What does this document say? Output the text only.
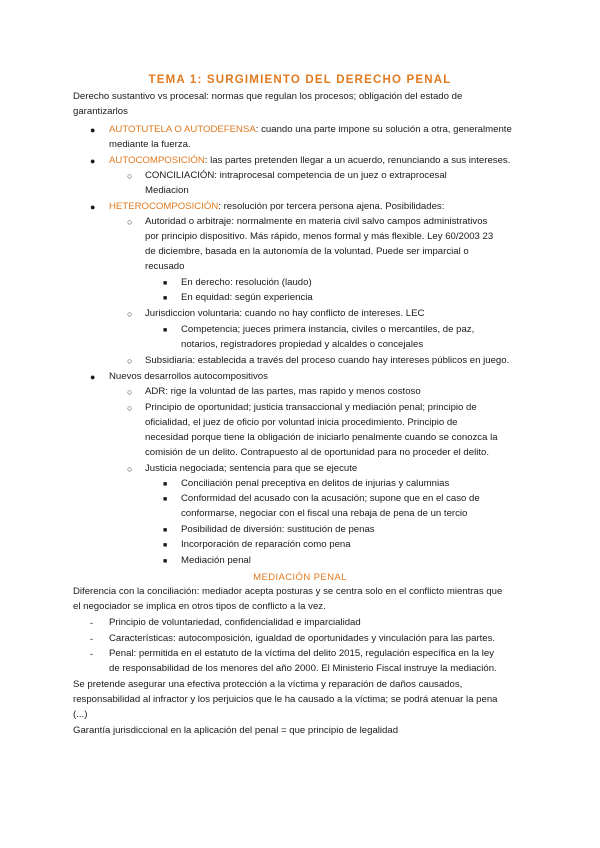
TEMA 1: SURGIMIENTO DEL DERECHO PENAL
Derecho sustantivo vs procesal: normas que regulan los procesos; obligación del estado de
garantizarlos
● AUTOTUTELA O AUTODEFENSA: cuando una parte impone su solución a otra, generalmente
mediante la fuerza.
● AUTOCOMPOSICIÓN: las partes pretenden llegar a un acuerdo, renunciando a sus intereses.
○ CONCILIACIÓN: intraprocesal competencia de un juez o extraprocesal
Mediacion
● HETEROCOMPOSICIÓN: resolución por tercera persona ajena. Posibilidades:
○ Autoridad o arbitraje: normalmente en materia civil salvo campos administrativos
por principio dispositivo. Más rápido, menos formal y más flexible. Ley 60/2003 23
de diciembre, basada en la autonomía de la voluntad. Puede ser imparcial o
recusado
■ En derecho: resolución (laudo)
■ En equidad: según experiencia
○ Jurisdiccion voluntaria: cuando no hay conflicto de intereses. LEC
■ Competencia; jueces primera instancia, civiles o mercantiles, de paz,
notarios, registradores propiedad y alcaldes o concejales
○ Subsidiaria: establecida a través del proceso cuando hay intereses públicos en juego.
● Nuevos desarrollos autocompositivos
○ ADR: rige la voluntad de las partes, mas rapido y menos costoso
○ Principio de oportunidad; justicia transaccional y mediación penal; principio de
oficialidad, el juez de oficio por voluntad inicia procedimiento. Principio de
necesidad porque tiene la obligación de iniciarlo penalmente cuando se conozca la
comisión de un delito. Contrapuesto al de oportunidad para no proceder el delito.
○ Justicia negociada; sentencia para que se ejecute
■ Conciliación penal preceptiva en delitos de injurias y calumnias
■ Conformidad del acusado con la acusación; supone que en el caso de
conformarse, negociar con el fiscal una rebaja de pena de un tercio
■ Posibilidad de diversión: sustitución de penas
■ Incorporación de reparación como pena
■ Mediación penal
MEDIACIÓN PENAL
Diferencia con la conciliación: mediador acepta posturas y se centra solo en el conflicto mientras que
el negociador se implica en otros tipos de conflicto a la vez.
- Principio de voluntariedad, confidencialidad e imparcialidad
- Características: autocomposición, igualdad de oportunidades y vinculación para las partes.
- Penal: permitida en el estatuto de la víctima del delito 2015, regulación específica en la ley
de responsabilidad de los menores del año 2000. El Ministerio Fiscal instruye la mediación.
Se pretende asegurar una efectiva protección a la víctima y reparación de daños causados,
responsabilidad al infractor y los perjuicios que le ha causado a la víctima; se podrá atenuar la pena
(...)
Garantía jurisdiccional en la aplicación del penal = que principio de legalidad
